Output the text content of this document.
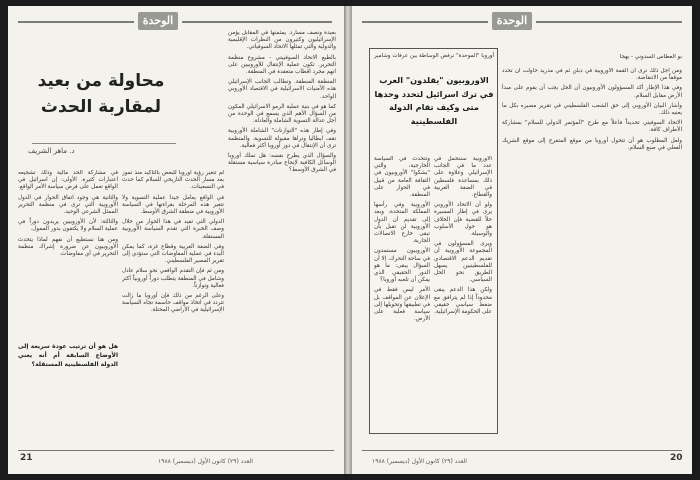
الوحدة
محاولة من بعيد لمقاربة الحدث
د. ماهر الشريف

بعيدة ونصف مسارد. يمثمنها في المقابل يؤمن الإسرائيليون وكثيرون من النظرات الإقليمية والدولية والتي تمثلها الاتحاد السوفياتي.

بالطبع الاتحاد السوفييتي - مشروع منظمة التحرير. تكون عملية الإنتقال للأوروبيين على انهم مجرد أقطاب متعقدة في المنطقة.

المنطقة المنطقة. وتطالب الجانب الإسرائيلي هذه الأمنيات الاسرائيلية في الاقتصاد الأوروبي الواحد.

كما هو في بنية عملية الرمو الاسرائيلي المكون من السؤال الأهم الذي يسمع في الوحدة من أجل عدالة التسوية الشاملة والعادلة.

وفي إطار هذه "التوازنات" الشاملة الأوروبية تقف ايطاليا وتراها مقبولة للتسوية. والمنظمة ترى أن الإنتقال في دور أوروبا أكثر فعالية.

والسؤال الذي يطرح نفسه: هل تملك أوروبا الوسائل الكافية لإنجاح مبادرة سياسية مستقلة في الشرق الأوسط؟

لم تتغير رؤية أوروبا للبعض بالتأكيد منذ تموز بعد مسار الحدث التاريخي للسلام كما حدث في التسعينات.

في الواقع يعامل جيدا عملية التسوية ولا تتغير هذه المرحلة بقراءتها في السياسة الأوروبية في منطقة الشرق الأوسط.

الدولي التي تفيد في هذا الحوار من خلال وصف الخبرة التي تقدم السياسة الأوروبية المستقلة.

وفي الضفة الغربية وقطاع غزة، كما يمكن البدء في عملية المفاوضات التي ستؤدي إلى تقرير المصير الفلسطيني.

ومن ثم فإن التقدم الواقعي نحو سلام عادل وشامل في المنطقة يتطلب دوراً أوروبياً أكثر فعالية وتوازناً.

وعلى الرغم من ذلك فإن أوروبا ما زالت تتردد في اتخاذ مواقف حاسمة تجاه السياسة الإسرائيلية في الأراضي المحتلة.

في مشاركة الحد مالية وذلك تشجيعه اعتبارات كثيرة. الأولى: إن اسرائيل في الواقع تعمل على فرض سياسة الأمر الواقع.

والثانية هي وجود اتفاق الحوار في الدول الأوروبية التي ترى في منظمة التحرير الممثل الشرعي الوحيد.

والثالثة: لأن الأوروبيين يريدون دوراً في عملية السلام ولا يكتفون بدور الممول.

ومن هنا نستطيع أن نفهم لماذا يتحدث الأوروبيون عن ضرورة إشراك منظمة التحرير في أي مفاوضات.

هل هو أن ترتيب عودة سريعة إلى الأوضاع السابقة أم أنه يعني الدولة الفلسطينية المستقلة؟

21	العدد (٢٩) كانون الأول (ديسمبر) ١٩٨٨
الوحدة
أوروبا "الموحدة" ترفض الوساطة بين عرفات وشامير
الاوروبيون "يقلدون" العرب في ترك اسرائيل لتحدد وحدها متى وكيف تقام الدولة الفلسطينية

وتتحدث في السياسة الخارجية، والتي "يشكوا" الأوروبيون في الثقافة العامة من قبيل في الحوار على المنطقة.

الأوروبية وفي رأسها المملكة المتحدة، وبعد إلى تقديم أن الدول الأوروبية لن تقبل بأن تبقى خارج الاتصالات الجارية.

الأوروبيون مستمدون في ساحة التحرك، إلا أن السؤال يبقى: ما هو الدور الحقيقي الذي يمكن أن تلعبه أوروبا؟

الأمر ليس فقط في الإعلان عن المواقف بل في تطبيقها وتحويلها إلى سياسة فعلية على الأرض.

الأوروبية سنتحمل في عدد ما في الجانب الإسرائيلي وعلاوة على ذلك بمساعدة فلسطين في الضفة الغربية والقطاع.

ولو أن الاتحاد الأوروبي يرى في إطار المسيرة حلاً للقضية فإن الخلاف هو حول الأسلوب والوسيلة.

ويرى المسؤولون في المجموعة الأوروبية أن تقديم الدعم الاقتصادي للفلسطينيين يسهل الطريق نحو الحل السياسي.

ولكن هذا الدعم يبقى محدوداً إذا لم يترافق مع ضغط سياسي حقيقي على الحكومة الإسرائيلية.

بو العطاس السدوني - بهجا

ومن أجل ذلك نرى أن القمة الأوروبية في دبلن ثم في مدريد حاولت أن تحدد موقفاً من الانتفاضة.

وفي هذا الإطار أكد المسؤولون الأوروبيون أن الحل يجب أن يقوم على مبدأ الأرض مقابل السلام.

وأشار البيان الأوروبي إلى حق الشعب الفلسطيني في تقرير مصيره بكل ما يعنيه ذلك.

الاتحاد السوفيتي تحديداً فاعلاً مع طرح "المؤتمر الدولي للسلام" بمشاركة الأطراف كافة.

ولعل المطلوب هو أن تتحول أوروبا من موقع المتفرج إلى موقع الشريك الفعلي في صنع السلام.

العدد (٢٩) كانون الأول (ديسمبر) ١٩٨٨	20
